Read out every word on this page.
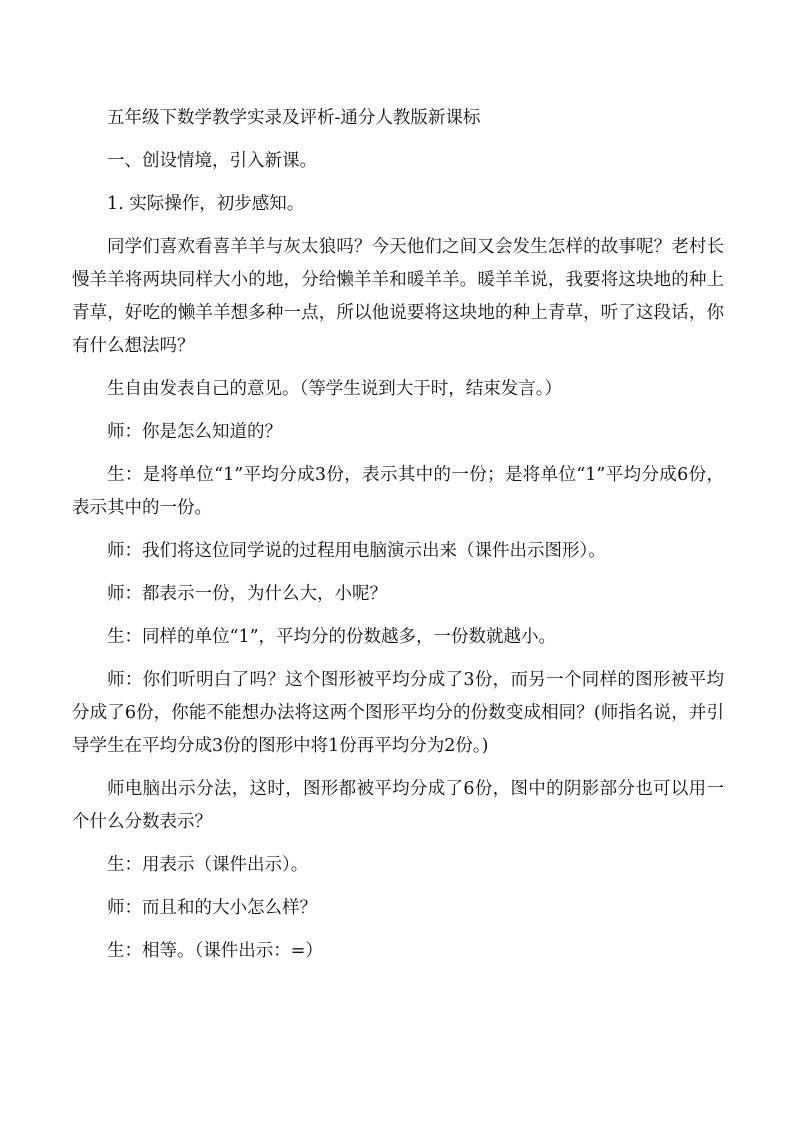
五年级下数学教学实录及评析-通分人教版新课标

一、创设情境，引入新课。

1. 实际操作，初步感知。

同学们喜欢看喜羊羊与灰太狼吗？今天他们之间又会发生怎样的故事呢？老村长慢羊羊将两块同样大小的地，分给懒羊羊和暖羊羊。暖羊羊说，我要将这块地的种上青草，好吃的懒羊羊想多种一点，所以他说要将这块地的种上青草，听了这段话，你有什么想法吗？

生自由发表自己的意见。（等学生说到大于时，结束发言。）

师：你是怎么知道的？

生：是将单位“1”平均分成3份，表示其中的一份；是将单位“1”平均分成6份，表示其中的一份。

师：我们将这位同学说的过程用电脑演示出来（课件出示图形）。

师：都表示一份，为什么大，小呢？

生：同样的单位“1”，平均分的份数越多，一份数就越小。

师：你们听明白了吗？这个图形被平均分成了3份，而另一个同样的图形被平均分成了6份，你能不能想办法将这两个图形平均分的份数变成相同？(师指名说，并引导学生在平均分成3份的图形中将1份再平均分为2份。)

师电脑出示分法，这时，图形都被平均分成了6份，图中的阴影部分也可以用一个什么分数表示？

生：用表示（课件出示）。

师：而且和的大小怎么样？

生：相等。（课件出示：=）
